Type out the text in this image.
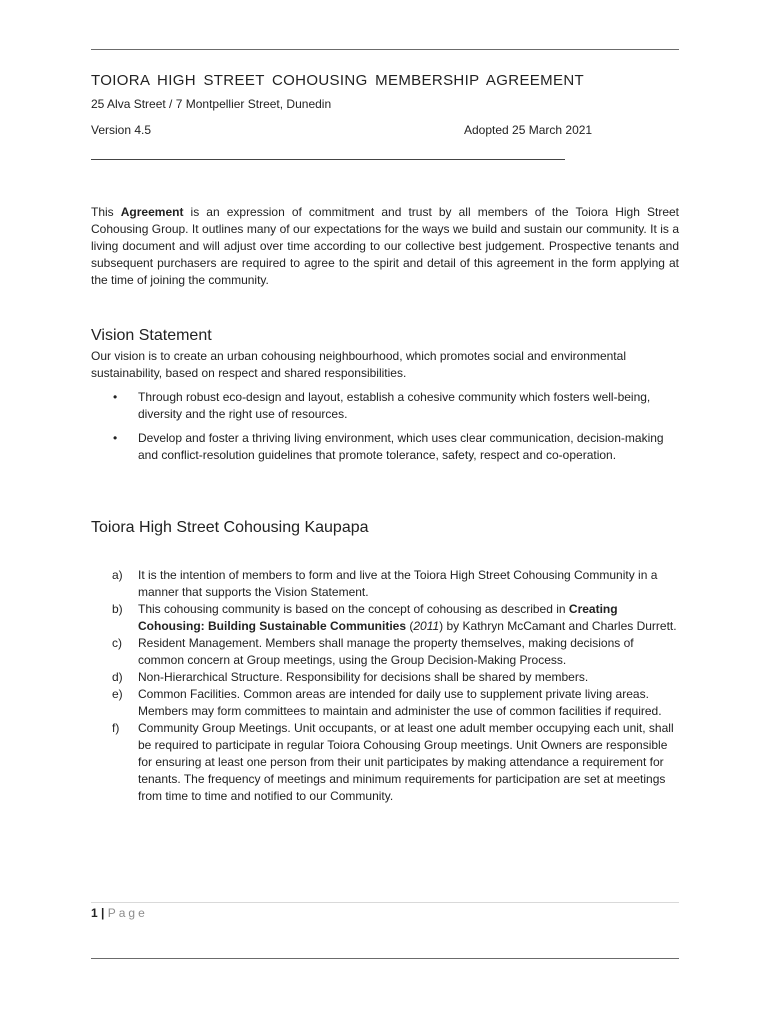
TOIORA HIGH STREET COHOUSING MEMBERSHIP AGREEMENT
25 Alva Street / 7 Montpellier Street, Dunedin
Version 4.5	Adopted 25 March 2021

This Agreement is an expression of commitment and trust by all members of the Toiora High Street Cohousing Group. It outlines many of our expectations for the ways we build and sustain our community. It is a living document and will adjust over time according to our collective best judgement. Prospective tenants and subsequent purchasers are required to agree to the spirit and detail of this agreement in the form applying at the time of joining the community.

Vision Statement

Our vision is to create an urban cohousing neighbourhood, which promotes social and environmental sustainability, based on respect and shared responsibilities.

• Through robust eco-design and layout, establish a cohesive community which fosters well-being, diversity and the right use of resources.
• Develop and foster a thriving living environment, which uses clear communication, decision-making and conflict-resolution guidelines that promote tolerance, safety, respect and co-operation.
Toiora High Street Cohousing Kaupapa
a) It is the intention of members to form and live at the Toiora High Street Cohousing Community in a manner that supports the Vision Statement.
b) This cohousing community is based on the concept of cohousing as described in Creating Cohousing: Building Sustainable Communities (2011) by Kathryn McCamant and Charles Durrett.
c) Resident Management. Members shall manage the property themselves, making decisions of common concern at Group meetings, using the Group Decision-Making Process.
d) Non-Hierarchical Structure. Responsibility for decisions shall be shared by members.
e) Common Facilities. Common areas are intended for daily use to supplement private living areas. Members may form committees to maintain and administer the use of common facilities if required.
f) Community Group Meetings. Unit occupants, or at least one adult member occupying each unit, shall be required to participate in regular Toiora Cohousing Group meetings. Unit Owners are responsible for ensuring at least one person from their unit participates by making attendance a requirement for tenants. The frequency of meetings and minimum requirements for participation are set at meetings from time to time and notified to our Community.
1 | Page
